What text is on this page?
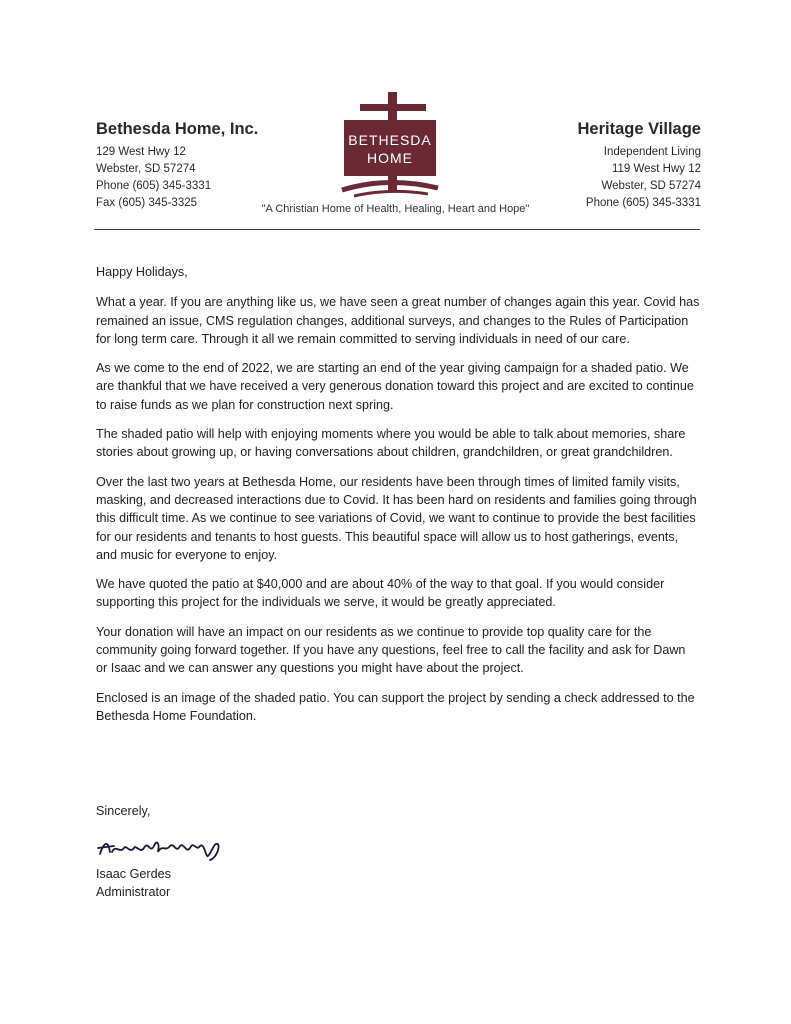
Bethesda Home, Inc.
129 West Hwy 12
Webster, SD 57274
Phone (605) 345-3331
Fax (605) 345-3325
BETHESDA
HOME
Heritage Village
Independent Living
119 West Hwy 12
Webster, SD 57274
Phone (605) 345-3331
"A Christian Home of Health, Healing, Heart and Hope"

Happy Holidays,

What a year. If you are anything like us, we have seen a great number of changes again this year. Covid has remained an issue, CMS regulation changes, additional surveys, and changes to the Rules of Participation for long term care. Through it all we remain committed to serving individuals in need of our care.

As we come to the end of 2022, we are starting an end of the year giving campaign for a shaded patio. We are thankful that we have received a very generous donation toward this project and are excited to continue to raise funds as we plan for construction next spring.

The shaded patio will help with enjoying moments where you would be able to talk about memories, share stories about growing up, or having conversations about children, grandchildren, or great grandchildren.

Over the last two years at Bethesda Home, our residents have been through times of limited family visits, masking, and decreased interactions due to Covid. It has been hard on residents and families going through this difficult time. As we continue to see variations of Covid, we want to continue to provide the best facilities for our residents and tenants to host guests. This beautiful space will allow us to host gatherings, events, and music for everyone to enjoy.

We have quoted the patio at $40,000 and are about 40% of the way to that goal. If you would consider supporting this project for the individuals we serve, it would be greatly appreciated.

Your donation will have an impact on our residents as we continue to provide top quality care for the community going forward together. If you have any questions, feel free to call the facility and ask for Dawn or Isaac and we can answer any questions you might have about the project.

Enclosed is an image of the shaded patio. You can support the project by sending a check addressed to the Bethesda Home Foundation.

Sincerely,
Isaac Gerdes
Administrator
